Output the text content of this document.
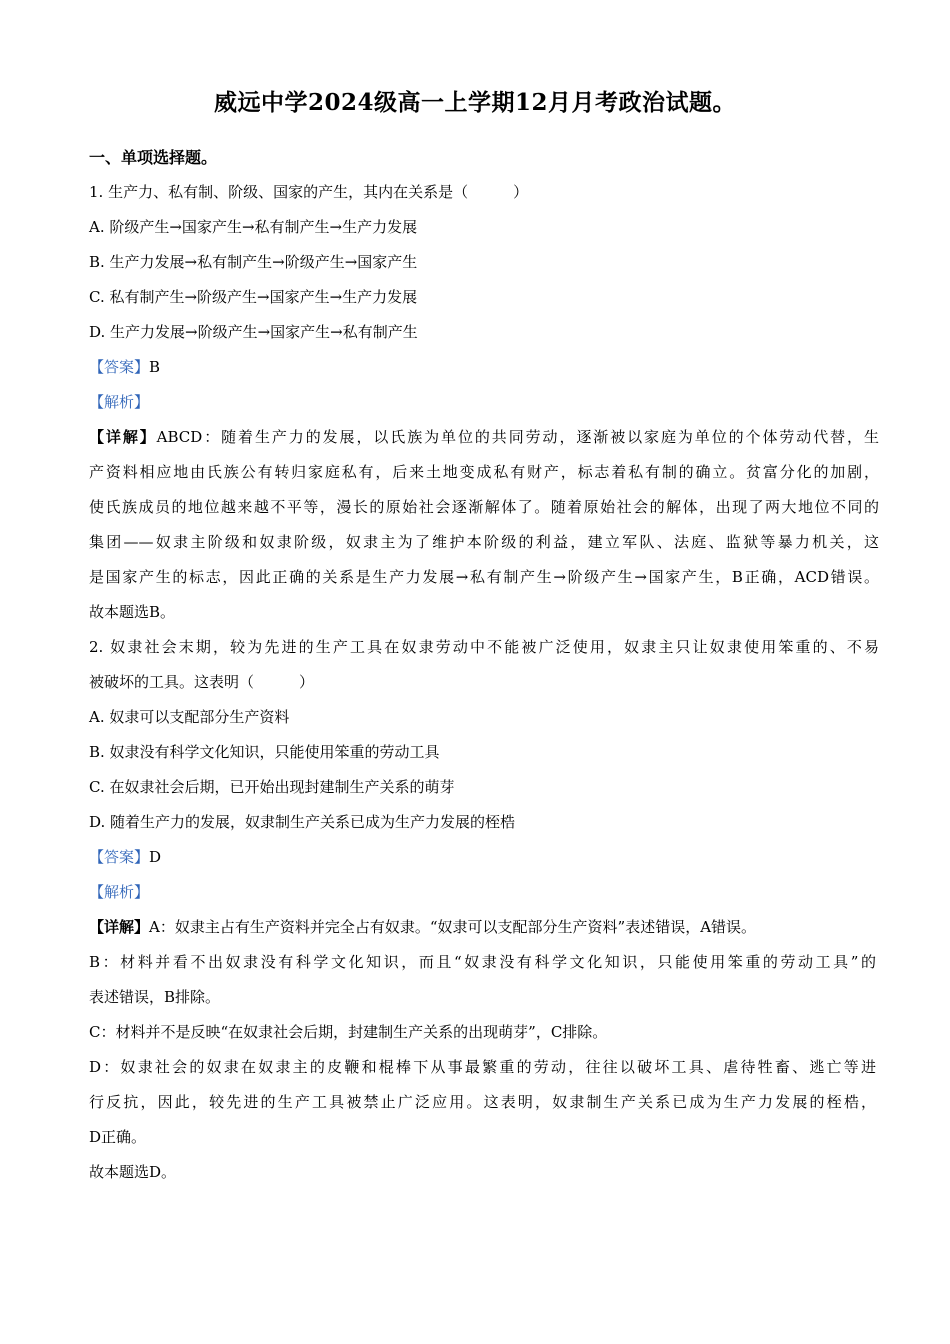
威远中学2024级高一上学期12月月考政治试题。
一、单项选择题。
1. 生产力、私有制、阶级、国家的产生，其内在关系是（　　　）
A. 阶级产生→国家产生→私有制产生→生产力发展
B. 生产力发展→私有制产生→阶级产生→国家产生
C. 私有制产生→阶级产生→国家产生→生产力发展
D. 生产力发展→阶级产生→国家产生→私有制产生
【答案】B
【解析】
【详解】ABCD：随着生产力的发展，以氏族为单位的共同劳动，逐渐被以家庭为单位的个体劳动代替，生
产资料相应地由氏族公有转归家庭私有，后来土地变成私有财产，标志着私有制的确立。贫富分化的加剧，
使氏族成员的地位越来越不平等，漫长的原始社会逐渐解体了。随着原始社会的解体，出现了两大地位不同的
集团——奴隶主阶级和奴隶阶级，奴隶主为了维护本阶级的利益，建立军队、法庭、监狱等暴力机关，这
是国家产生的标志，因此正确的关系是生产力发展→私有制产生→阶级产生→国家产生，B正确，ACD错误。
故本题选B。
2. 奴隶社会末期，较为先进的生产工具在奴隶劳动中不能被广泛使用，奴隶主只让奴隶使用笨重的、不易
被破坏的工具。这表明（　　　）
A. 奴隶可以支配部分生产资料
B. 奴隶没有科学文化知识，只能使用笨重的劳动工具
C. 在奴隶社会后期，已开始出现封建制生产关系的萌芽
D. 随着生产力的发展，奴隶制生产关系已成为生产力发展的桎梏
【答案】D
【解析】
【详解】A：奴隶主占有生产资料并完全占有奴隶。“奴隶可以支配部分生产资料”表述错误，A错误。
B：材料并看不出奴隶没有科学文化知识，而且“奴隶没有科学文化知识，只能使用笨重的劳动工具”的
表述错误，B排除。
C：材料并不是反映“在奴隶社会后期，封建制生产关系的出现萌芽”，C排除。
D：奴隶社会的奴隶在奴隶主的皮鞭和棍棒下从事最繁重的劳动，往往以破坏工具、虐待牲畜、逃亡等进
行反抗，因此，较先进的生产工具被禁止广泛应用。这表明，奴隶制生产关系已成为生产力发展的桎梏，
D正确。
故本题选D。
